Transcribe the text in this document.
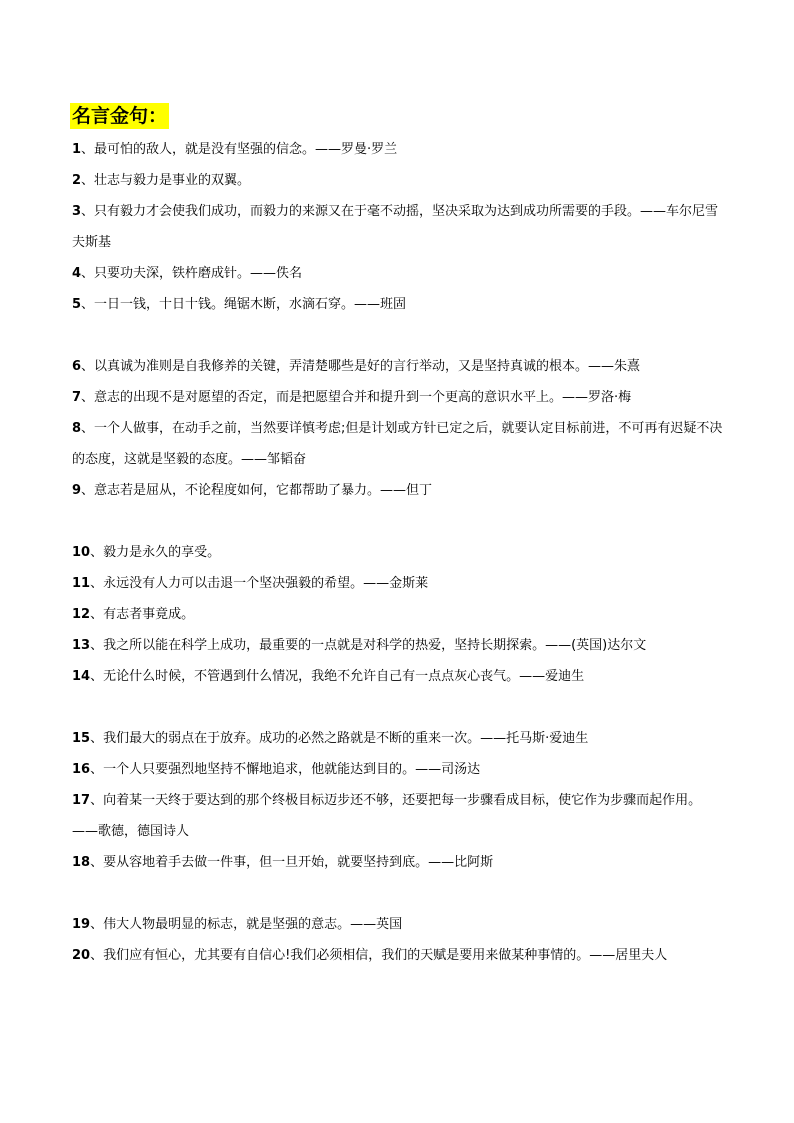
名言金句：
1、最可怕的敌人，就是没有坚强的信念。——罗曼·罗兰
2、壮志与毅力是事业的双翼。
3、只有毅力才会使我们成功，而毅力的来源又在于毫不动摇，坚决采取为达到成功所需要的手段。——车尔尼雪夫斯基
4、只要功夫深，铁杵磨成针。——佚名
5、一日一钱，十日十钱。绳锯木断，水滴石穿。——班固
6、以真诚为准则是自我修养的关键，弄清楚哪些是好的言行举动，又是坚持真诚的根本。——朱熹
7、意志的出现不是对愿望的否定，而是把愿望合并和提升到一个更高的意识水平上。——罗洛·梅
8、一个人做事，在动手之前，当然要详慎考虑;但是计划或方针已定之后，就要认定目标前进，不可再有迟疑不决的态度，这就是坚毅的态度。——邹韬奋
9、意志若是屈从，不论程度如何，它都帮助了暴力。——但丁
10、毅力是永久的享受。
11、永远没有人力可以击退一个坚决强毅的希望。——金斯莱
12、有志者事竟成。
13、我之所以能在科学上成功，最重要的一点就是对科学的热爱，坚持长期探索。——(英国)达尔文
14、无论什么时候，不管遇到什么情况，我绝不允许自己有一点点灰心丧气。——爱迪生
15、我们最大的弱点在于放弃。成功的必然之路就是不断的重来一次。——托马斯·爱迪生
16、一个人只要强烈地坚持不懈地追求，他就能达到目的。——司汤达
17、向着某一天终于要达到的那个终极目标迈步还不够，还要把每一步骤看成目标，使它作为步骤而起作用。——歌德，德国诗人
18、要从容地着手去做一件事，但一旦开始，就要坚持到底。——比阿斯
19、伟大人物最明显的标志，就是坚强的意志。——英国
20、我们应有恒心，尤其要有自信心!我们必须相信，我们的天赋是要用来做某种事情的。——居里夫人
